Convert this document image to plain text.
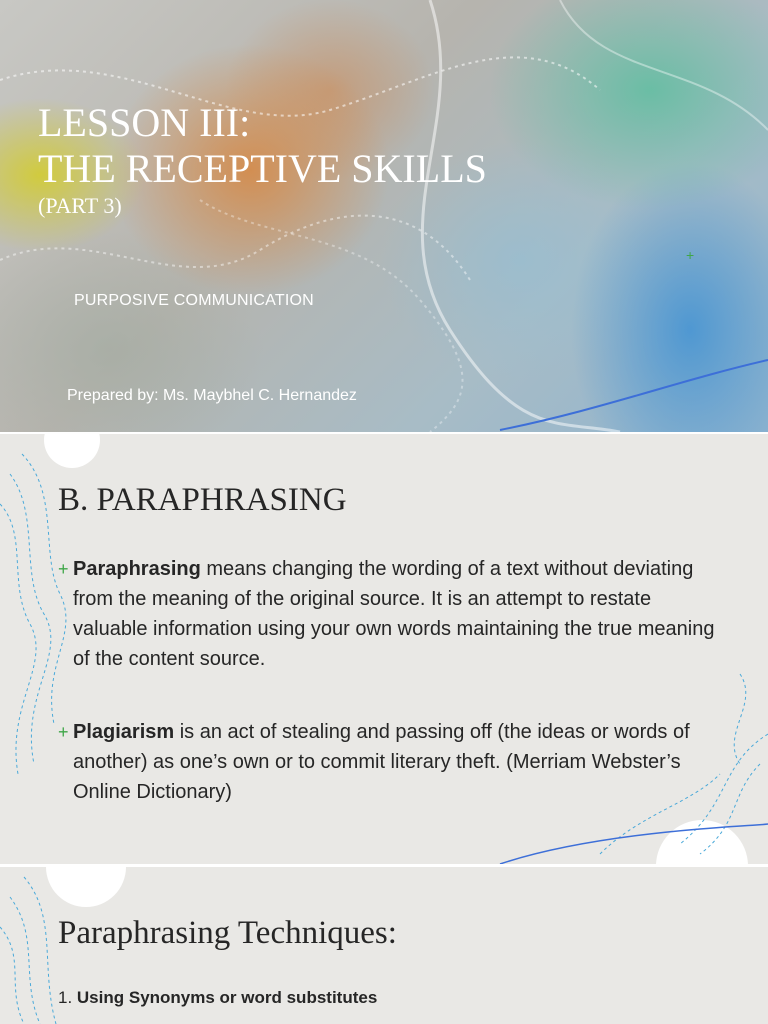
LESSON III:
THE RECEPTIVE SKILLS

(PART 3)

PURPOSIVE COMMUNICATION

Prepared by: Ms. Maybhel C. Hernandez

+
B. PARAPHRASING

+ Paraphrasing means changing the wording of a text without deviating from the meaning of the original source. It is an attempt to restate valuable information using your own words maintaining the true meaning of the content source.

+ Plagiarism is an act of stealing and passing off (the ideas or words of another) as one’s own or to commit literary theft. (Merriam Webster’s Online Dictionary)

Paraphrasing Techniques:

1. Using Synonyms or word substitutes
